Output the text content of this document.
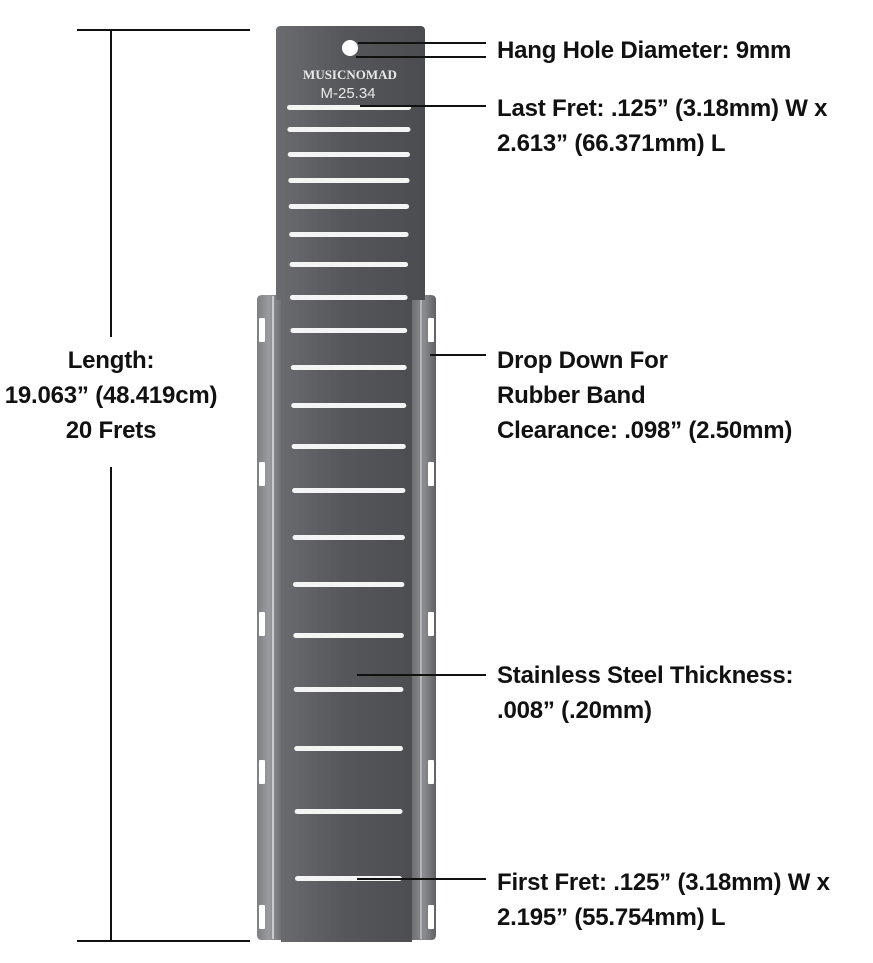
MUSICNOMAD
M-25.34
Length:
19.063” (48.419cm)
20 Frets
Hang Hole Diameter: 9mm
Last Fret: .125” (3.18mm) W x
2.613” (66.371mm) L
Drop Down For
Rubber Band
Clearance: .098” (2.50mm)
Stainless Steel Thickness:
.008” (.20mm)
First Fret: .125” (3.18mm) W x
2.195” (55.754mm) L
